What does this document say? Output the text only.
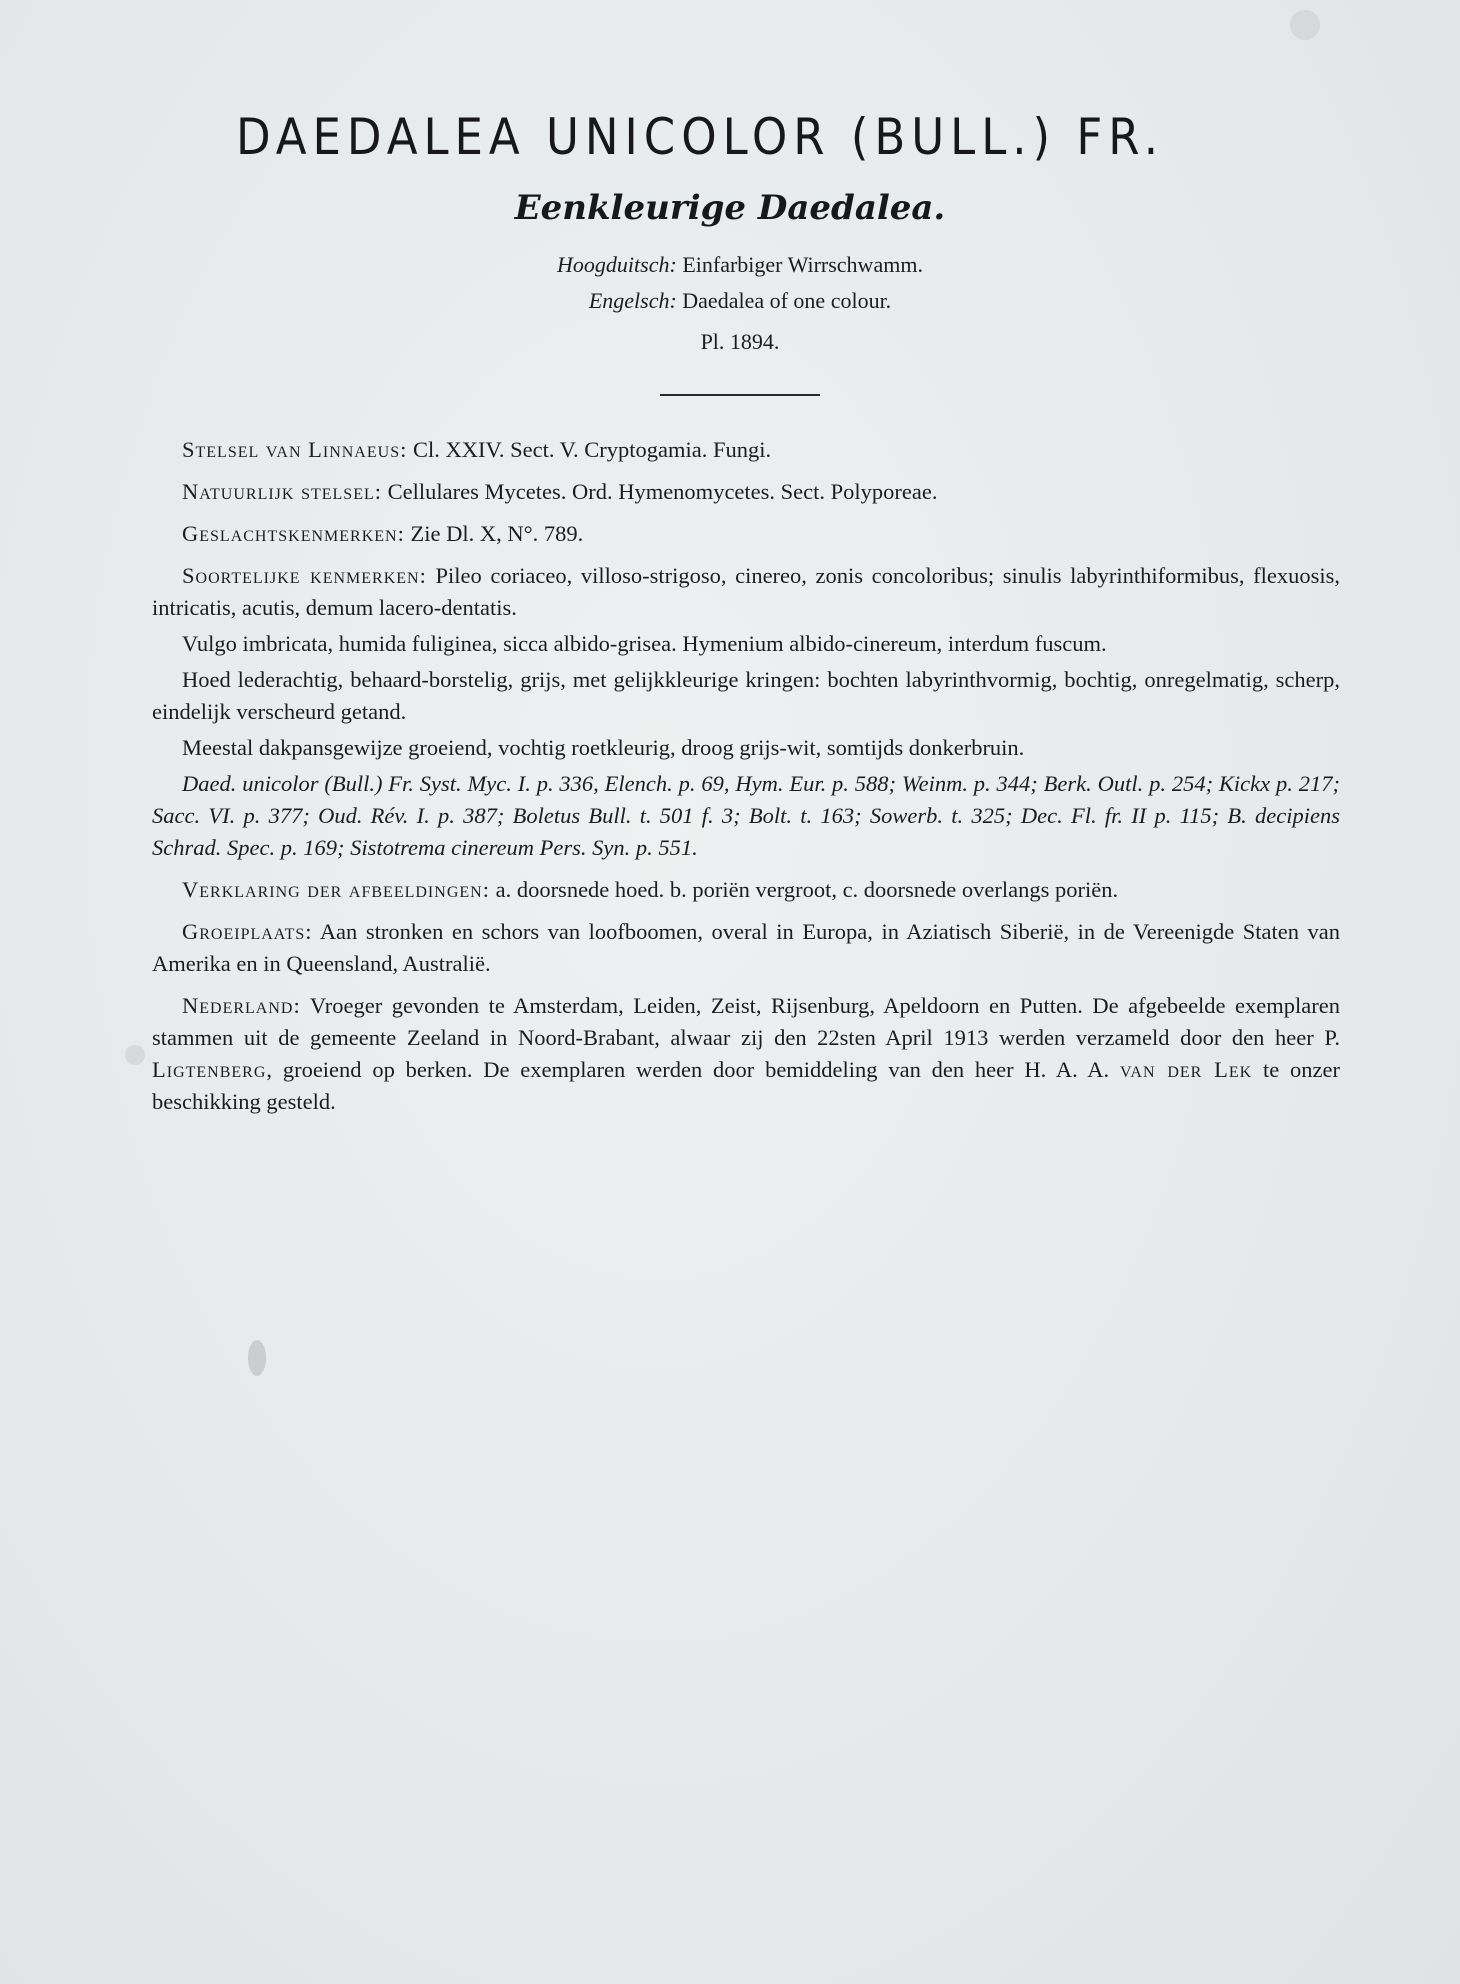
DAEDALEA UNICOLOR (BULL.) FR.
Eenkleurige Daedalea.
Hoogduitsch: Einfarbiger Wirrschwamm.
Engelsch: Daedalea of one colour.
Pl. 1894.

Stelsel van Linnaeus: Cl. XXIV. Sect. V. Cryptogamia. Fungi.

Natuurlijk stelsel: Cellulares Mycetes. Ord. Hymenomycetes. Sect. Polyporeae.

Geslachtskenmerken: Zie Dl. X, N°. 789.

Soortelijke kenmerken: Pileo coriaceo, villoso-strigoso, cinereo, zonis concoloribus; sinulis labyrinthiformibus, flexuosis, intricatis, acutis, demum lacero-dentatis.

Vulgo imbricata, humida fuliginea, sicca albido-grisea. Hymenium albido-cinereum, interdum fuscum.

Hoed lederachtig, behaard-borstelig, grijs, met gelijkkleurige kringen: bochten labyrinthvormig, bochtig, onregelmatig, scherp, eindelijk verscheurd getand.

Meestal dakpansgewijze groeiend, vochtig roetkleurig, droog grijs-wit, somtijds donkerbruin.

Daed. unicolor (Bull.) Fr. Syst. Myc. I. p. 336, Elench. p. 69, Hym. Eur. p. 588; Weinm. p. 344; Berk. Outl. p. 254; Kickx p. 217; Sacc. VI. p. 377; Oud. Rév. I. p. 387; Boletus Bull. t. 501 f. 3; Bolt. t. 163; Sowerb. t. 325; Dec. Fl. fr. II p. 115; B. decipiens Schrad. Spec. p. 169; Sistotrema cinereum Pers. Syn. p. 551.

Verklaring der afbeeldingen: a. doorsnede hoed. b. poriën vergroot, c. doorsnede overlangs poriën.

Groeiplaats: Aan stronken en schors van loofboomen, overal in Europa, in Aziatisch Siberië, in de Vereenigde Staten van Amerika en in Queensland, Australië.

Nederland: Vroeger gevonden te Amsterdam, Leiden, Zeist, Rijsenburg, Apeldoorn en Putten. De afgebeelde exemplaren stammen uit de gemeente Zeeland in Noord-Brabant, alwaar zij den 22sten April 1913 werden verzameld door den heer P. Ligtenberg, groeiend op berken. De exemplaren werden door bemiddeling van den heer H. A. A. van der Lek te onzer beschikking gesteld.
